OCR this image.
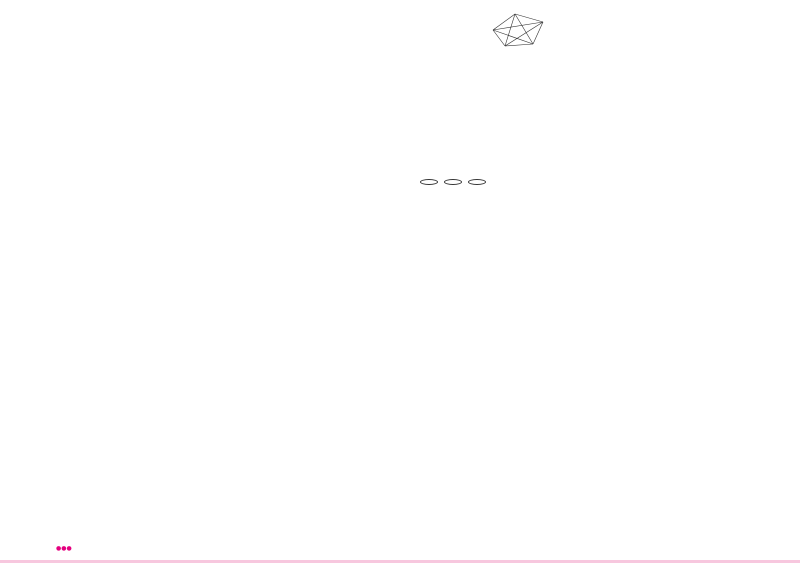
●●●
